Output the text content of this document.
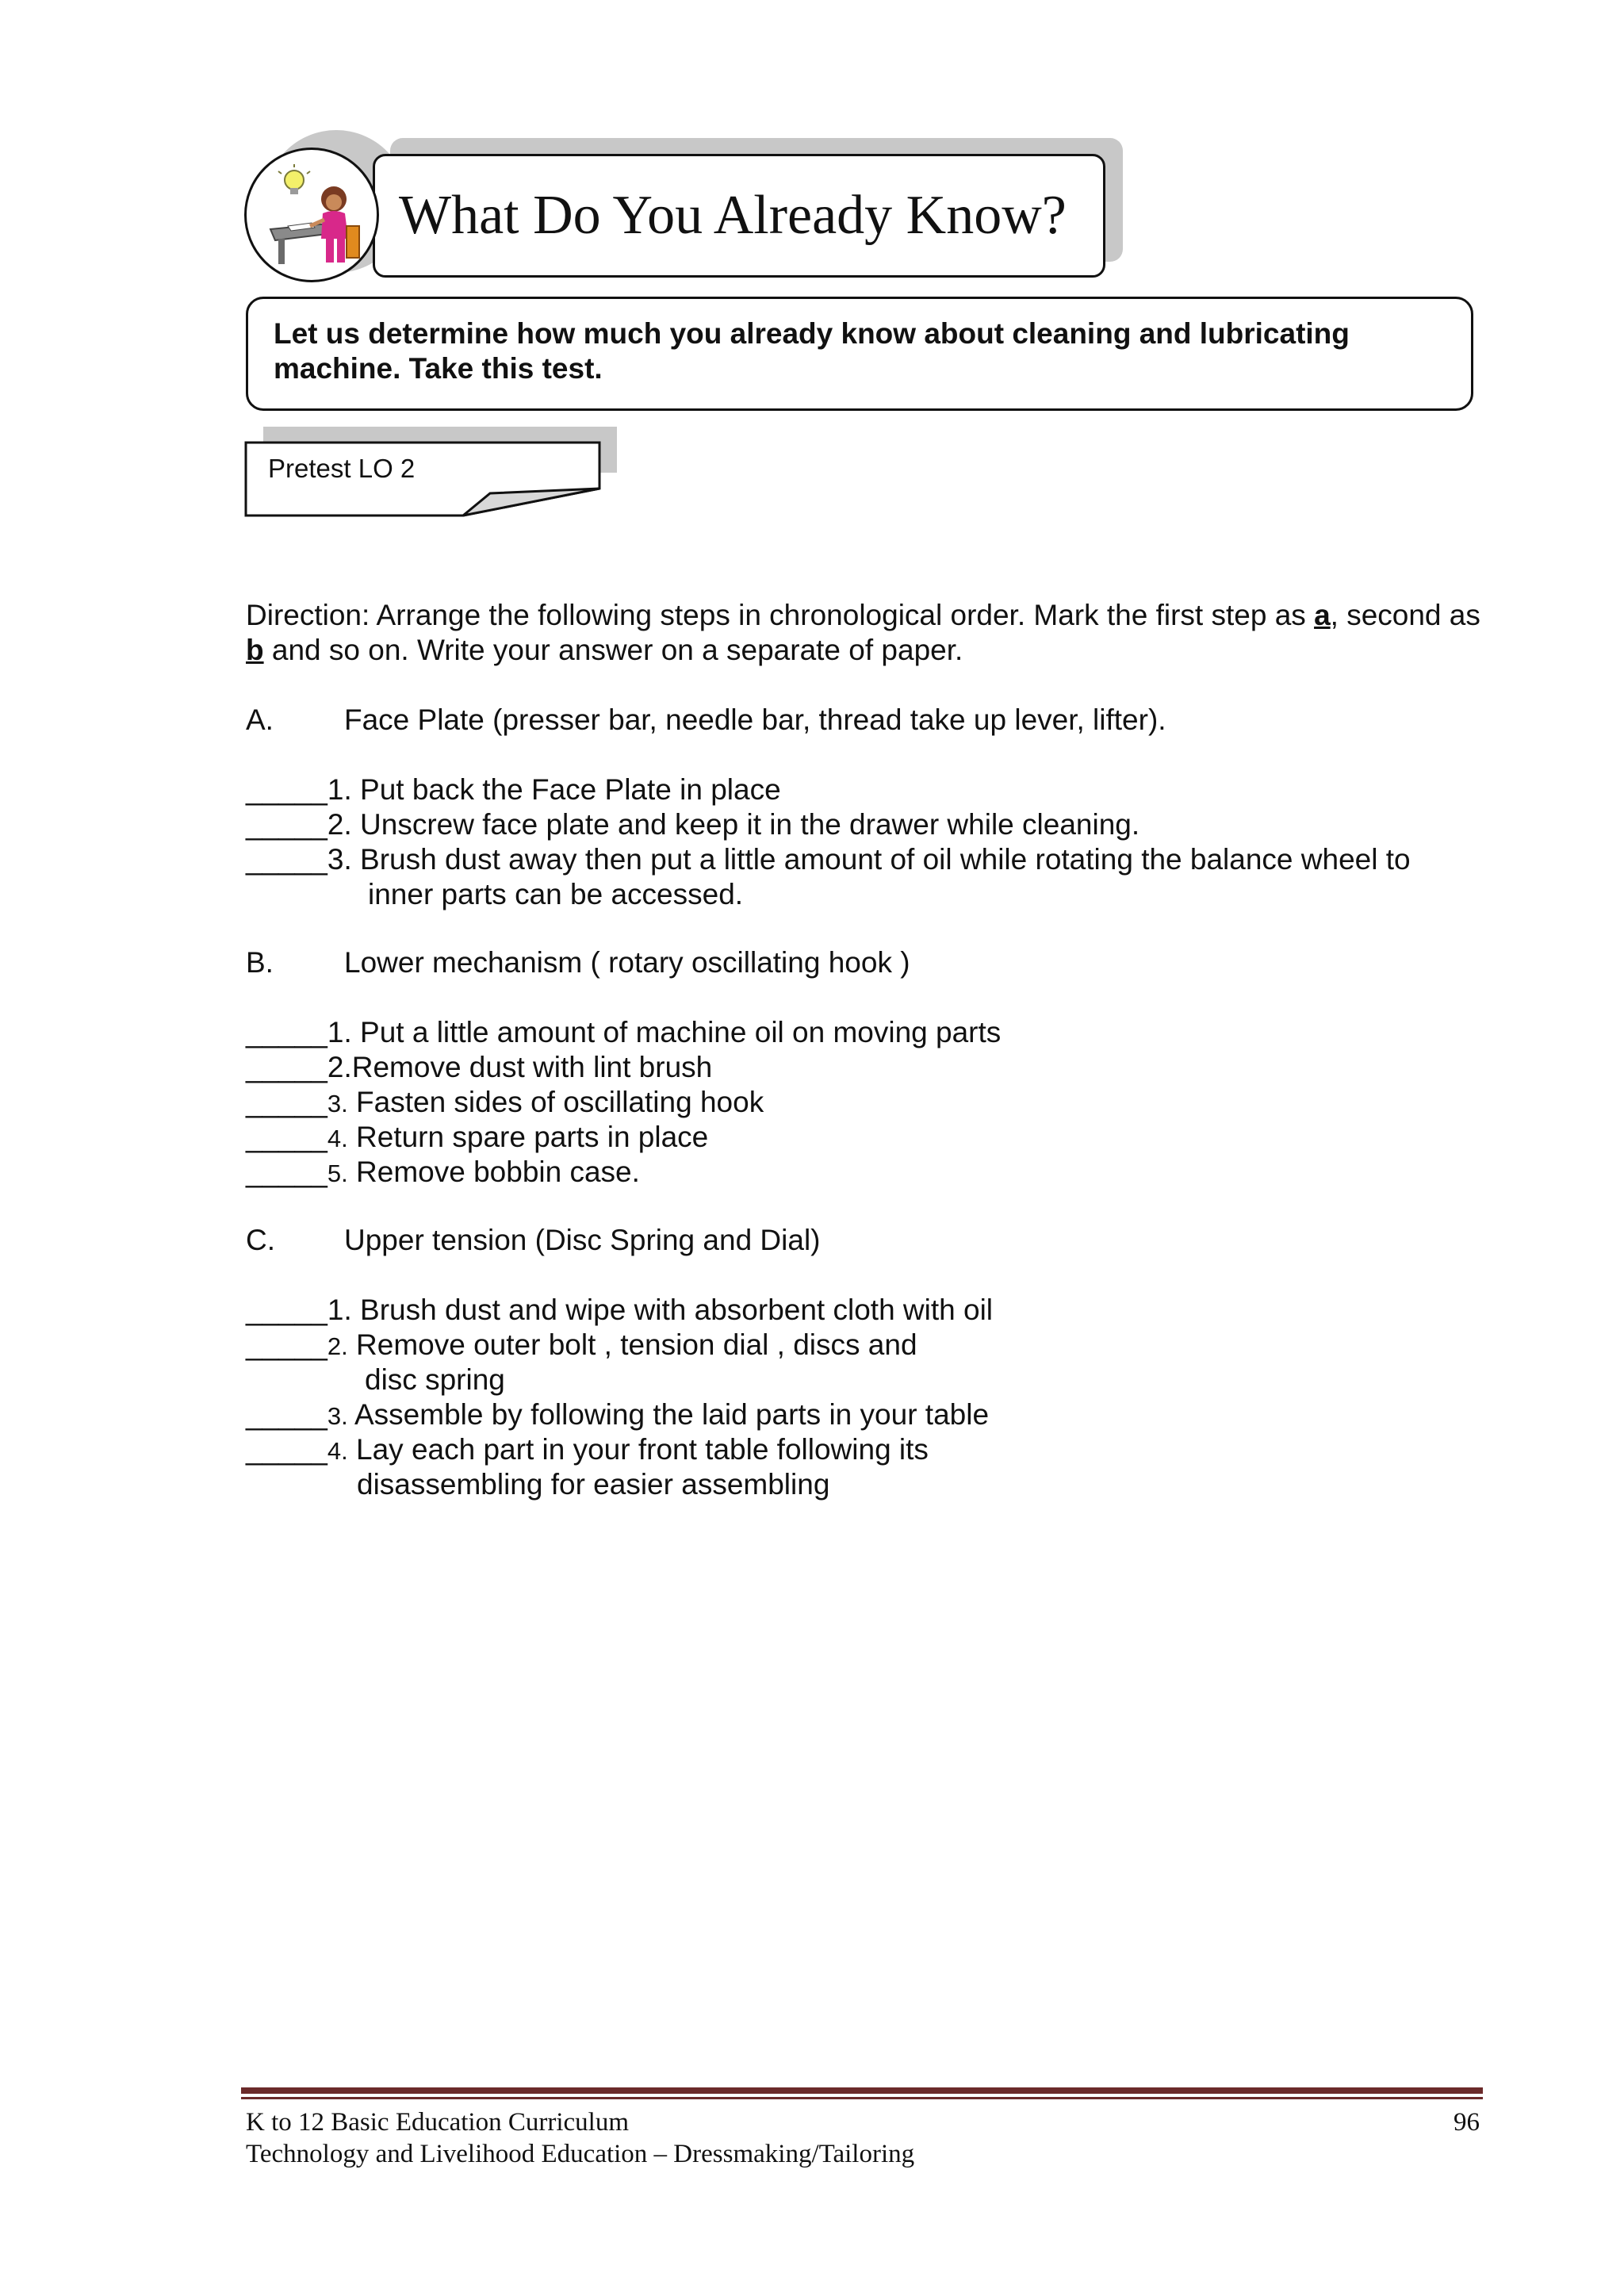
What Do You Already Know?
Let us determine how much you already know about cleaning and lubricating machine. Take this test.
Pretest LO 2
Direction: Arrange the following steps in chronological order. Mark the first step as a, second as b and so on. Write your answer on a separate of paper.
A. Face Plate (presser bar, needle bar, thread take up lever, lifter).
_____1. Put back the Face Plate in place
_____2. Unscrew face plate and keep it in the drawer while cleaning.
_____3. Brush dust away then put a little amount of oil while rotating the balance wheel to
inner parts can be accessed.
B. Lower mechanism ( rotary oscillating hook )
_____1. Put a little amount of machine oil on moving parts
_____2.Remove dust with lint brush
_____3. Fasten sides of oscillating hook
_____4. Return spare parts in place
_____5. Remove bobbin case.
C. Upper tension (Disc Spring and Dial)
_____1. Brush dust and wipe with absorbent cloth with oil
_____2. Remove outer bolt , tension dial , discs and
disc spring
_____3. Assemble by following the laid parts in your table
_____4. Lay each part in your front table following its
disassembling for easier assembling
K to 12 Basic Education Curriculum
Technology and Livelihood Education – Dressmaking/Tailoring
96
